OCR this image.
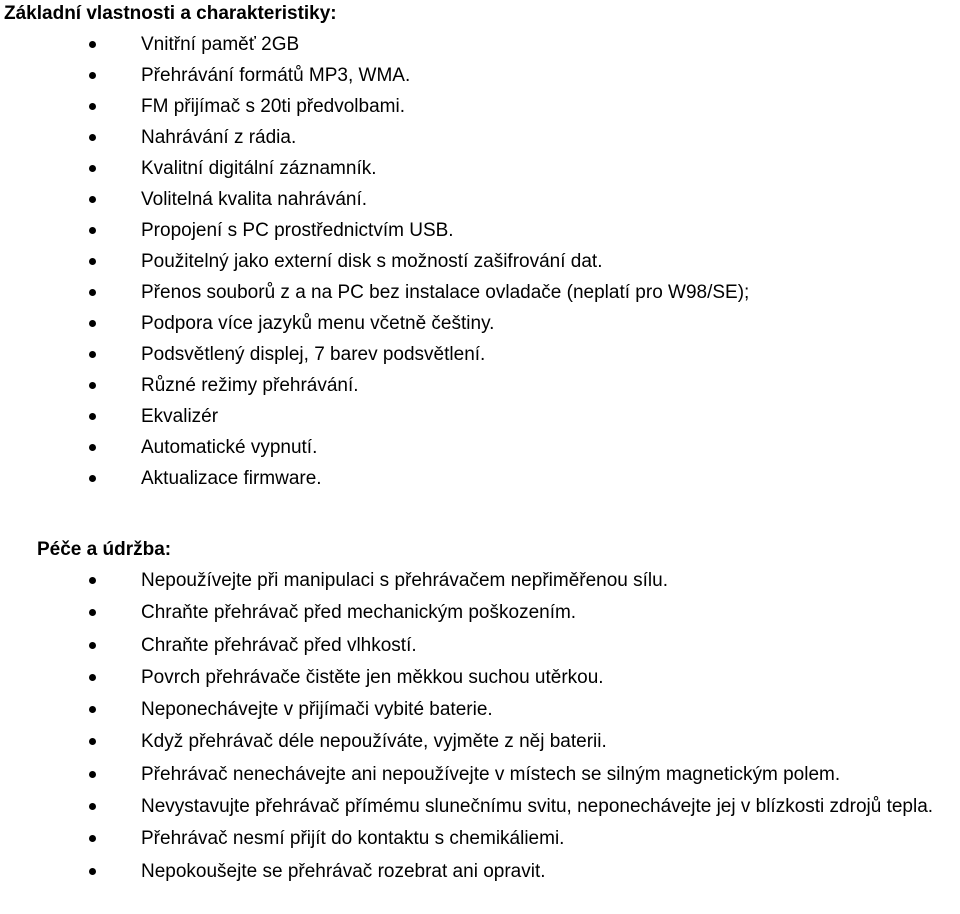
Základní vlastnosti a charakteristiky:
Vnitřní paměť 2GB
Přehrávání formátů MP3, WMA.
FM přijímač s 20ti předvolbami.
Nahrávání z rádia.
Kvalitní digitální záznamník.
Volitelná kvalita nahrávání.
Propojení s PC prostřednictvím USB.
Použitelný jako externí disk s možností zašifrování dat.
Přenos souborů z a na PC bez instalace ovladače (neplatí pro W98/SE);
Podpora více jazyků menu včetně češtiny.
Podsvětlený displej, 7 barev podsvětlení.
Různé režimy přehrávání.
Ekvalizér
Automatické vypnutí.
Aktualizace firmware.
Péče a údržba:
Nepoužívejte při manipulaci s přehrávačem nepřiměřenou sílu.
Chraňte přehrávač před mechanickým poškozením.
Chraňte přehrávač před vlhkostí.
Povrch přehrávače čistěte jen měkkou suchou utěrkou.
Neponechávejte v přijímači vybité baterie.
Když přehrávač déle nepoužíváte, vyjměte z něj baterii.
Přehrávač nenechávejte ani nepoužívejte v místech se silným magnetickým polem.
Nevystavujte přehrávač přímému slunečnímu svitu, neponechávejte jej v blízkosti zdrojů tepla.
Přehrávač nesmí přijít do kontaktu s chemikáliemi.
Nepokoušejte se přehrávač rozebrat ani opravit.
